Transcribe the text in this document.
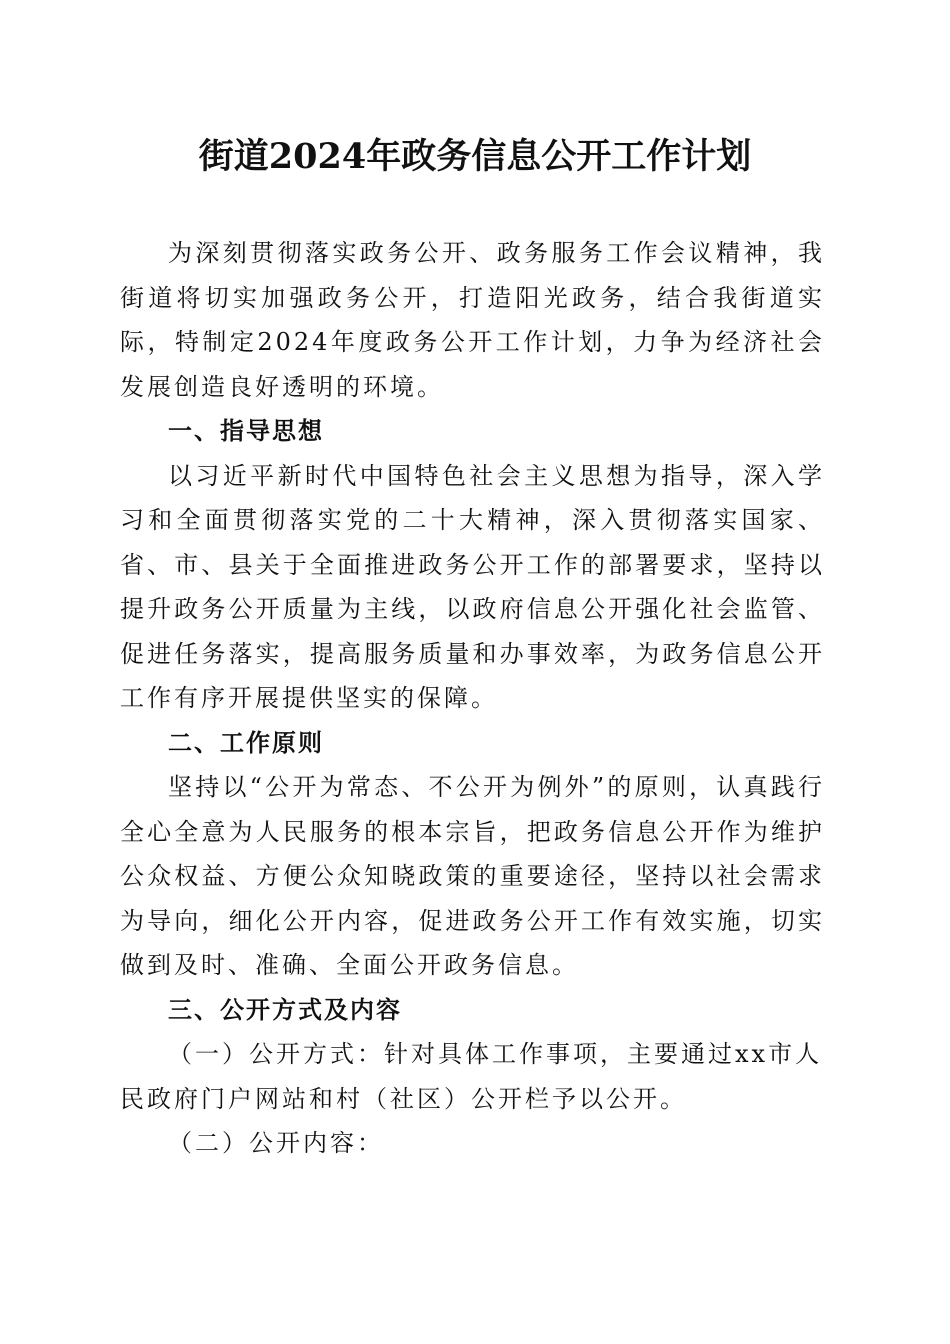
街道2024年政务信息公开工作计划

为深刻贯彻落实政务公开、政务服务工作会议精神，我街道将切实加强政务公开，打造阳光政务，结合我街道实际，特制定2024年度政务公开工作计划，力争为经济社会发展创造良好透明的环境。

一、指导思想

以习近平新时代中国特色社会主义思想为指导，深入学习和全面贯彻落实党的二十大精神，深入贯彻落实国家、省、市、县关于全面推进政务公开工作的部署要求，坚持以提升政务公开质量为主线，以政府信息公开强化社会监管、促进任务落实，提高服务质量和办事效率，为政务信息公开工作有序开展提供坚实的保障。

二、工作原则

坚持以“公开为常态、不公开为例外”的原则，认真践行全心全意为人民服务的根本宗旨，把政务信息公开作为维护公众权益、方便公众知晓政策的重要途径，坚持以社会需求为导向，细化公开内容，促进政务公开工作有效实施，切实做到及时、准确、全面公开政务信息。

三、公开方式及内容

（一）公开方式：针对具体工作事项，主要通过xx市人民政府门户网站和村（社区）公开栏予以公开。

（二）公开内容：
